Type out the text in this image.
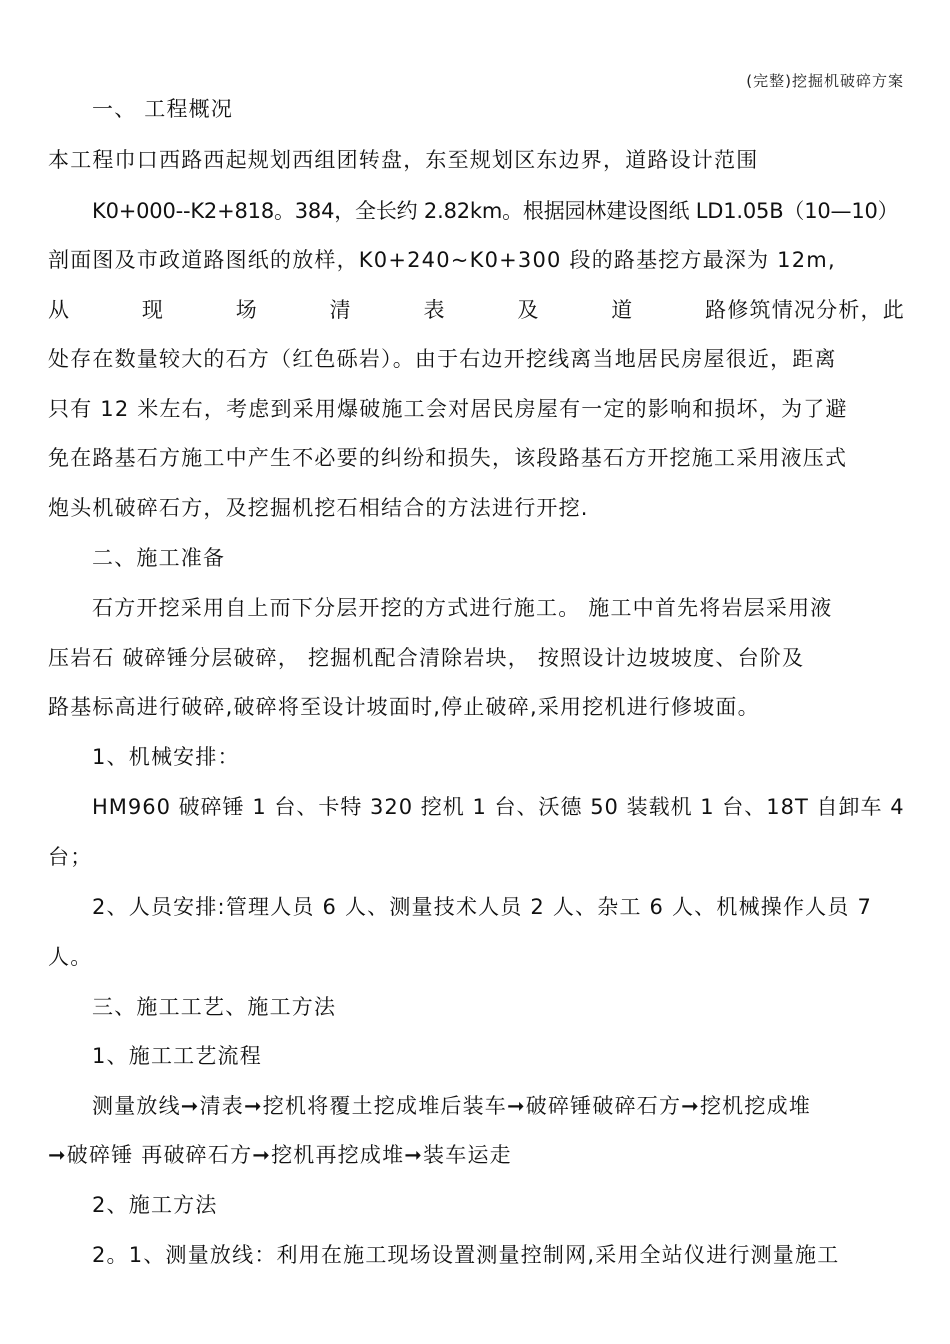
(完整)挖掘机破碎方案
一、 工程概况
本工程巾口西路西起规划西组团转盘，东至规划区东边界，道路设计范围
K0+000--K2+818。384，全长约 2.82km。根据园林建设图纸 LD1.05B（10—10）
剖面图及市政道路图纸的放样，K0+240~K0+300 段的路基挖方最深为 12m,
从	现	场	清	表	及	道	路修筑情况分析，此
处存在数量较大的石方（红色砾岩）。由于右边开挖线离当地居民房屋很近，距离
只有 12 米左右，考虑到采用爆破施工会对居民房屋有一定的影响和损坏，为了避
免在路基石方施工中产生不必要的纠纷和损失，该段路基石方开挖施工采用液压式
炮头机破碎石方，及挖掘机挖石相结合的方法进行开挖.
二、施工准备
石方开挖采用自上而下分层开挖的方式进行施工。 施工中首先将岩层采用液
压岩石 破碎锤分层破碎， 挖掘机配合清除岩块， 按照设计边坡坡度、台阶及
路基标高进行破碎,破碎将至设计坡面时,停止破碎,采用挖机进行修坡面。
1、机械安排：
HM960 破碎锤 1 台、卡特 320 挖机 1 台、沃德 50 装载机 1 台、18T 自卸车 4
台；
2、人员安排:管理人员 6 人、测量技术人员 2 人、杂工 6 人、机械操作人员 7
人。
三、施工工艺、施工方法
1、施工工艺流程
测量放线➞清表➞挖机将覆土挖成堆后装车➞破碎锤破碎石方➞挖机挖成堆
➞破碎锤 再破碎石方➞挖机再挖成堆➞装车运走
2、施工方法
2。1、测量放线：利用在施工现场设置测量控制网,采用全站仪进行测量施工
